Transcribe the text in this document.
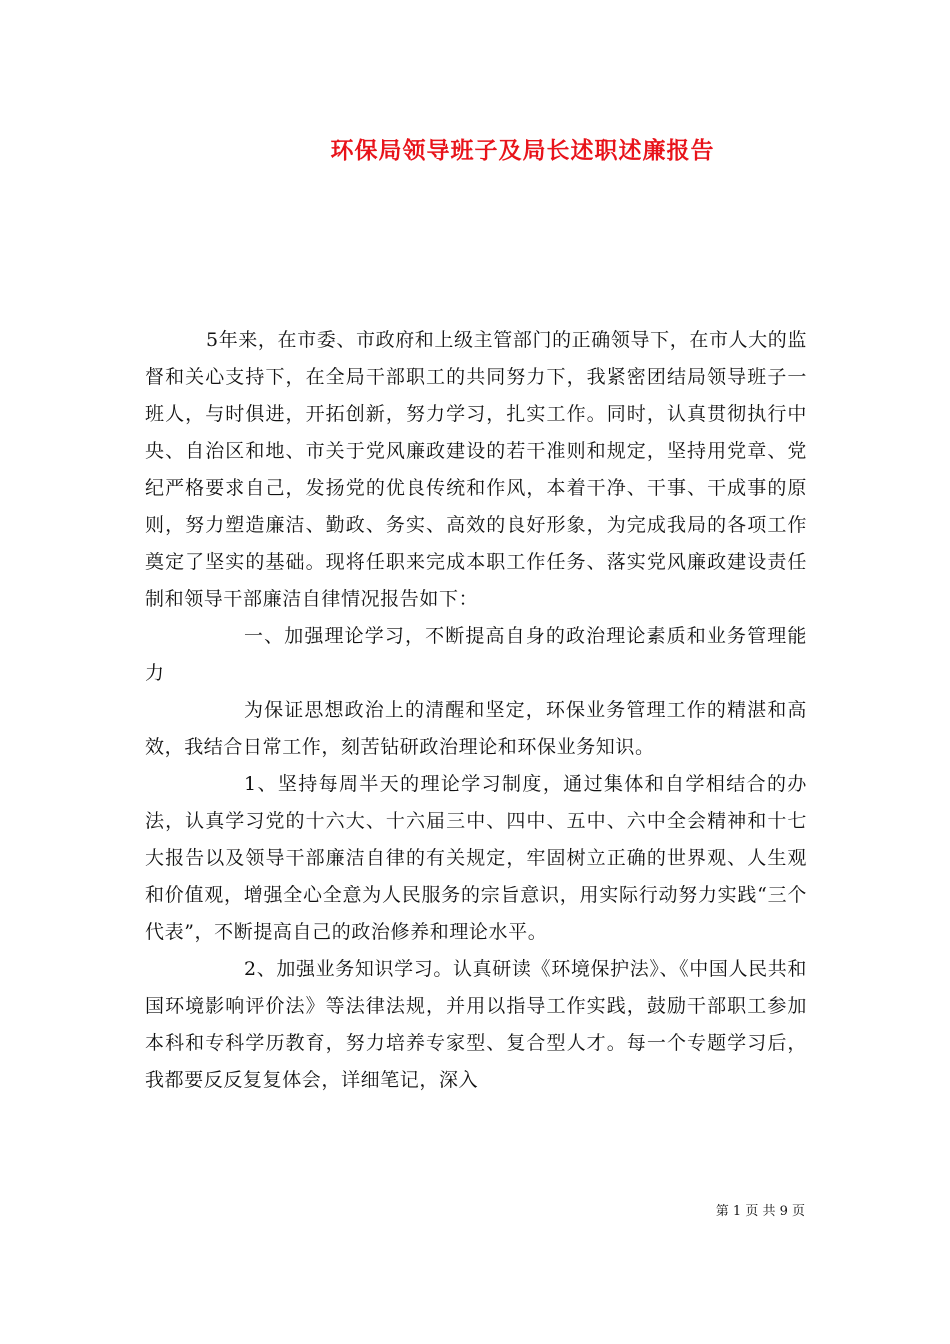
环保局领导班子及局长述职述廉报告

5年来，在市委、市政府和上级主管部门的正确领导下，在市人大的监督和关心支持下，在全局干部职工的共同努力下，我紧密团结局领导班子一班人，与时俱进，开拓创新，努力学习，扎实工作。同时，认真贯彻执行中央、自治区和地、市关于党风廉政建设的若干准则和规定，坚持用党章、党纪严格要求自己，发扬党的优良传统和作风，本着干净、干事、干成事的原则，努力塑造廉洁、勤政、务实、高效的良好形象，为完成我局的各项工作奠定了坚实的基础。现将任职来完成本职工作任务、落实党风廉政建设责任制和领导干部廉洁自律情况报告如下：

一、加强理论学习，不断提高自身的政治理论素质和业务管理能力

为保证思想政治上的清醒和坚定，环保业务管理工作的精湛和高效，我结合日常工作，刻苦钻研政治理论和环保业务知识。

1、坚持每周半天的理论学习制度，通过集体和自学相结合的办法，认真学习党的十六大、十六届三中、四中、五中、六中全会精神和十七大报告以及领导干部廉洁自律的有关规定，牢固树立正确的世界观、人生观和价值观，增强全心全意为人民服务的宗旨意识，用实际行动努力实践“三个代表”，不断提高自己的政治修养和理论水平。

2、加强业务知识学习。认真研读《环境保护法》、《中国人民共和国环境影响评价法》等法律法规，并用以指导工作实践，鼓励干部职工参加本科和专科学历教育，努力培养专家型、复合型人才。每一个专题学习后，我都要反反复复体会，详细笔记，深入

第 1 页 共 9 页
